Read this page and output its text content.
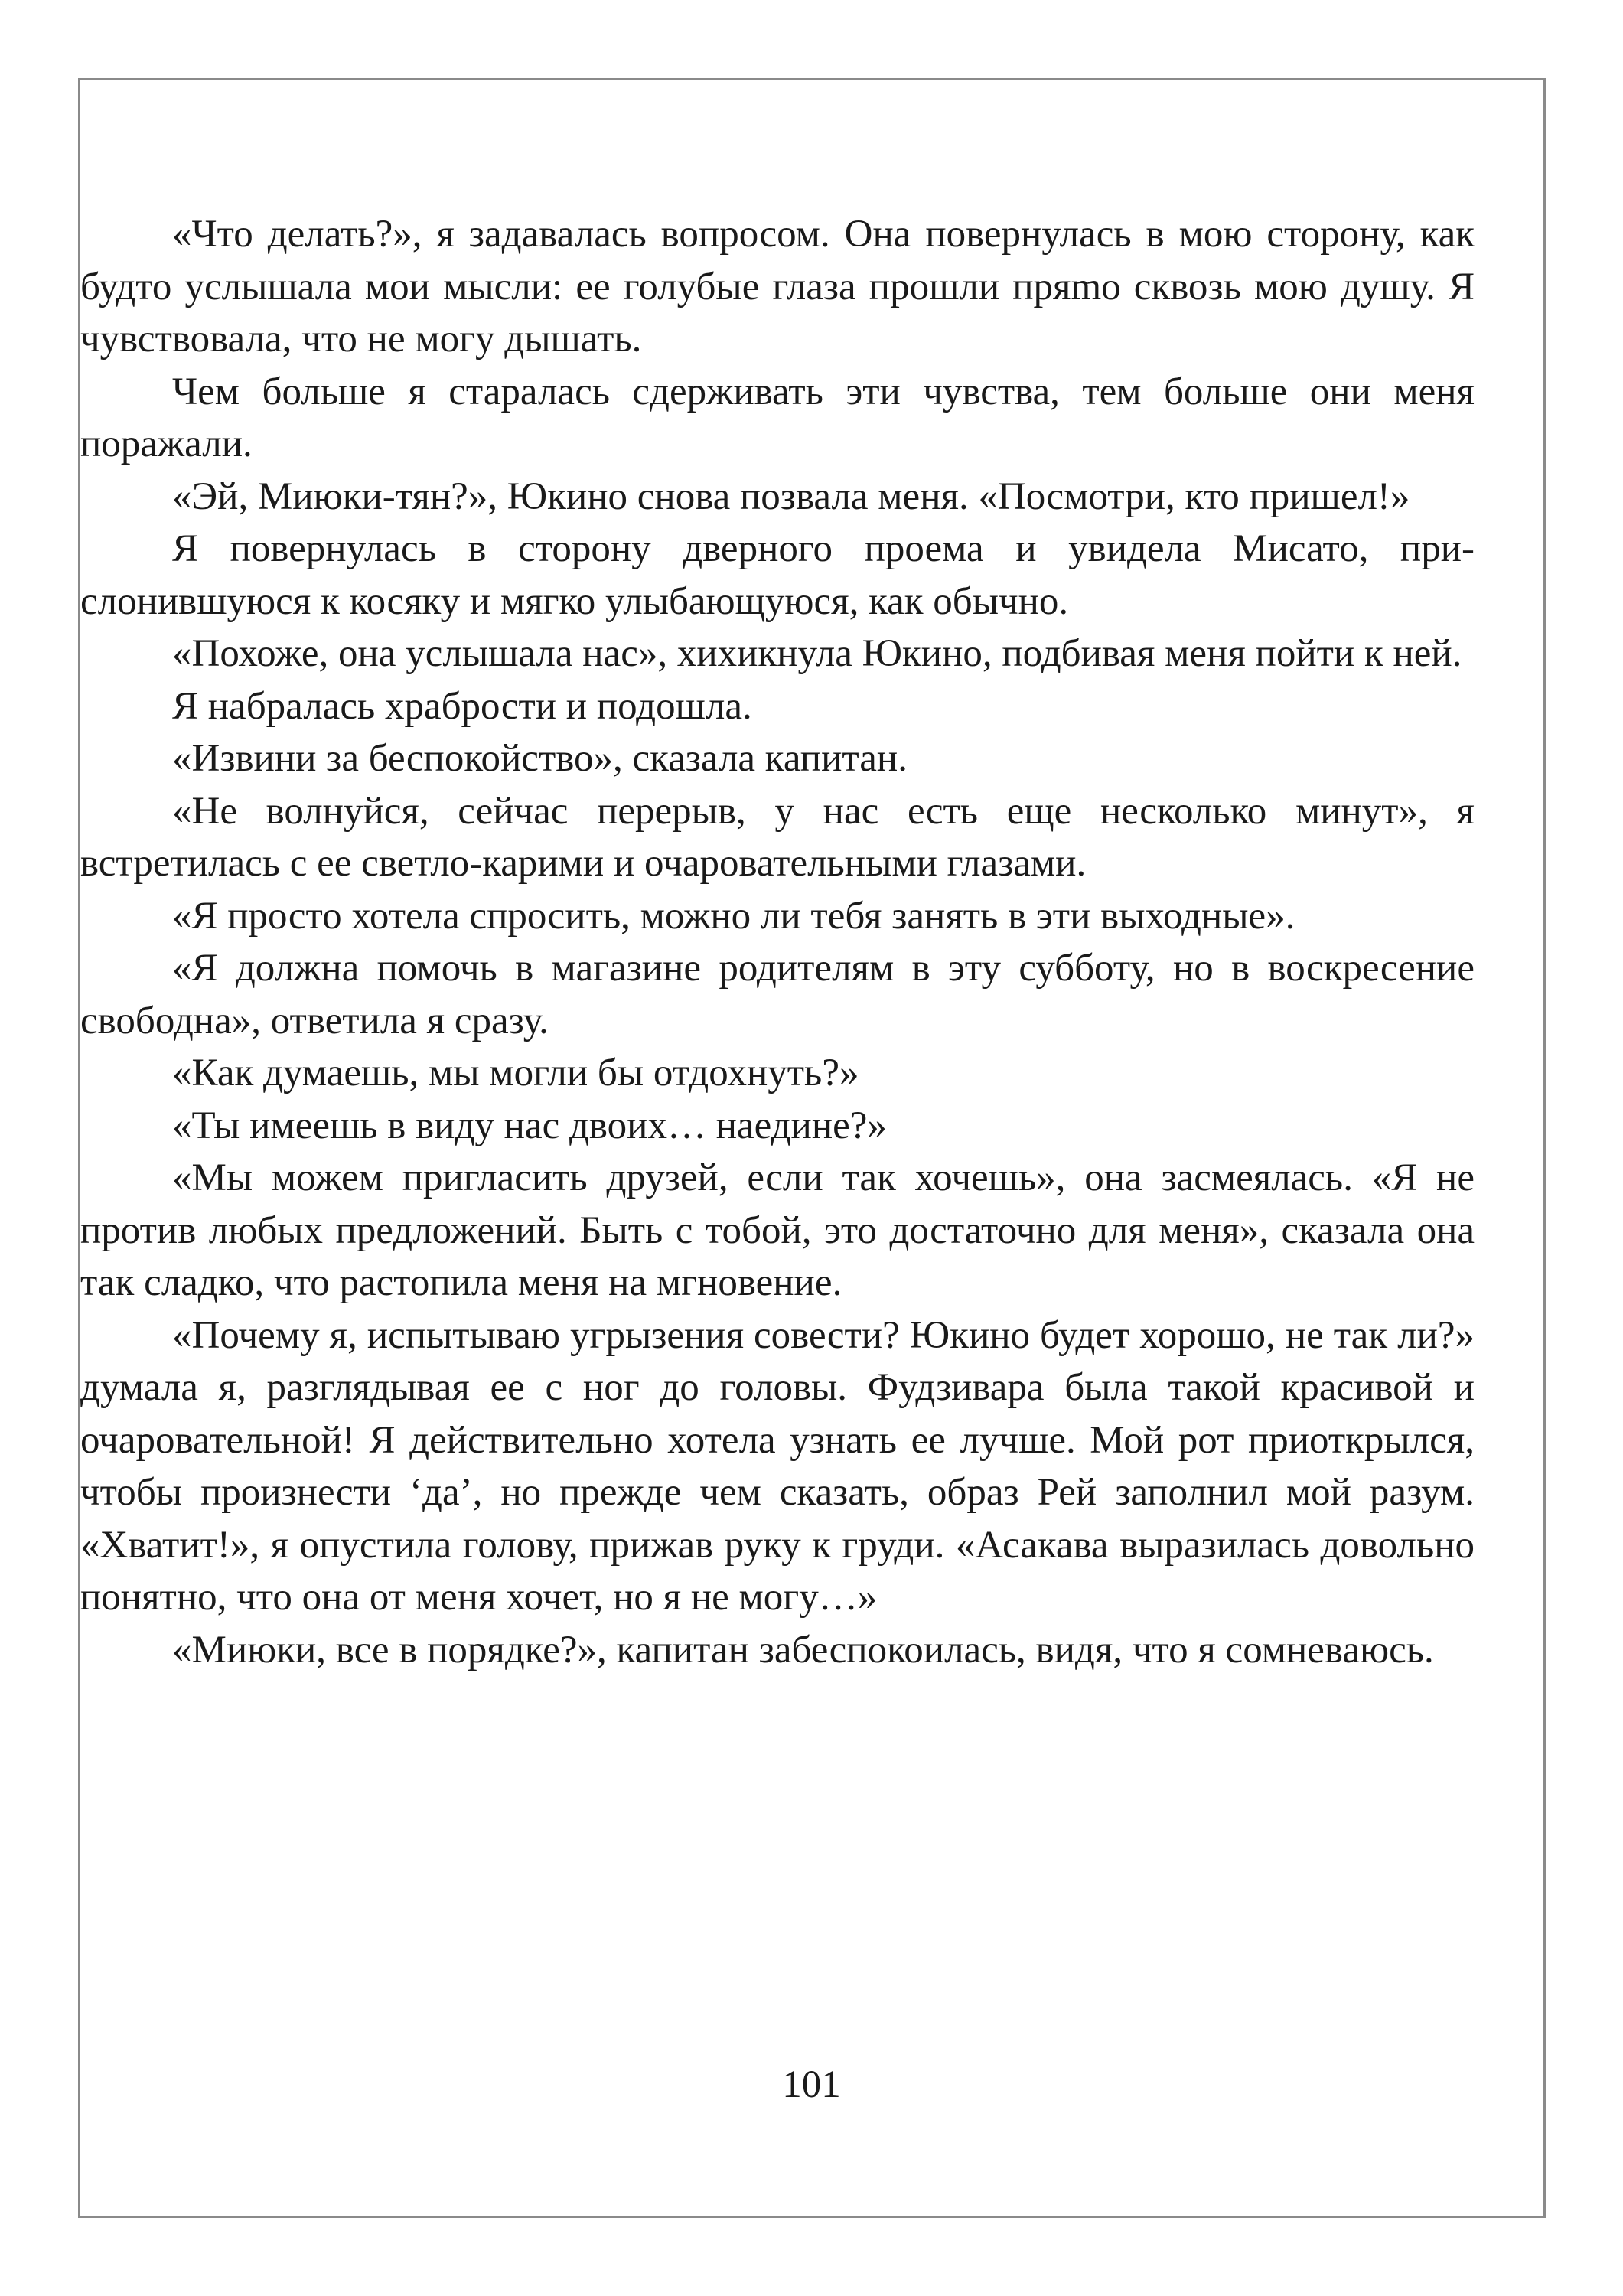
«Что делать?», я задавалась вопросом. Она повернулась в мою сторону, как будто услышала мои мысли: ее голубые глаза прошли пряmo сквозь мою душу. Я чувствовала, что не могу дышать.

Чем больше я старалась сдерживать эти чувства, тем больше они меня поражали.

«Эй, Миюки-тян?», Юкино снова позвала меня. «Посмотри, кто пришел!»

Я повернулась в сторону дверного проема и увидела Мисато, прислонившуюся к косяку и мягко улыбающуюся, как обычно.

«Похоже, она услышала нас», хихикнула Юкино, подбивая меня пойти к ней.

Я набралась храбрости и подошла.

«Извини за беспокойство», сказала капитан.

«Не волнуйся, сейчас перерыв, у нас есть еще несколько минут», я встретилась с ее светло-карими и очаровательными глазами.

«Я просто хотела спросить, можно ли тебя занять в эти выходные».

«Я должна помочь в магазине родителям в эту субботу, но в воскресение свободна», ответила я сразу.

«Как думаешь, мы могли бы отдохнуть?»

«Ты имеешь в виду нас двоих… наедине?»

«Мы можем пригласить друзей, если так хочешь», она засмеялась. «Я не против любых предложений. Быть с тобой, это достаточно для меня», сказала она так сладко, что растопила меня на мгновение.

«Почему я, испытываю угрызения совести? Юкино будет хорошо, не так ли?» думала я, разглядывая ее с ног до головы. Фудзивара была такой красивой и очаровательной! Я действительно хотела узнать ее лучше. Мой рот приоткрылся, чтобы произнести ‘да’, но прежде чем сказать, образ Рей заполнил мой разум. «Хватит!», я опустила голову, прижав руку к груди. «Асакава выразилась довольно понятно, что она от меня хочет, но я не могу…»

«Миюки, все в порядке?», капитан забеспокоилась, видя, что я сомневаюсь.

101
